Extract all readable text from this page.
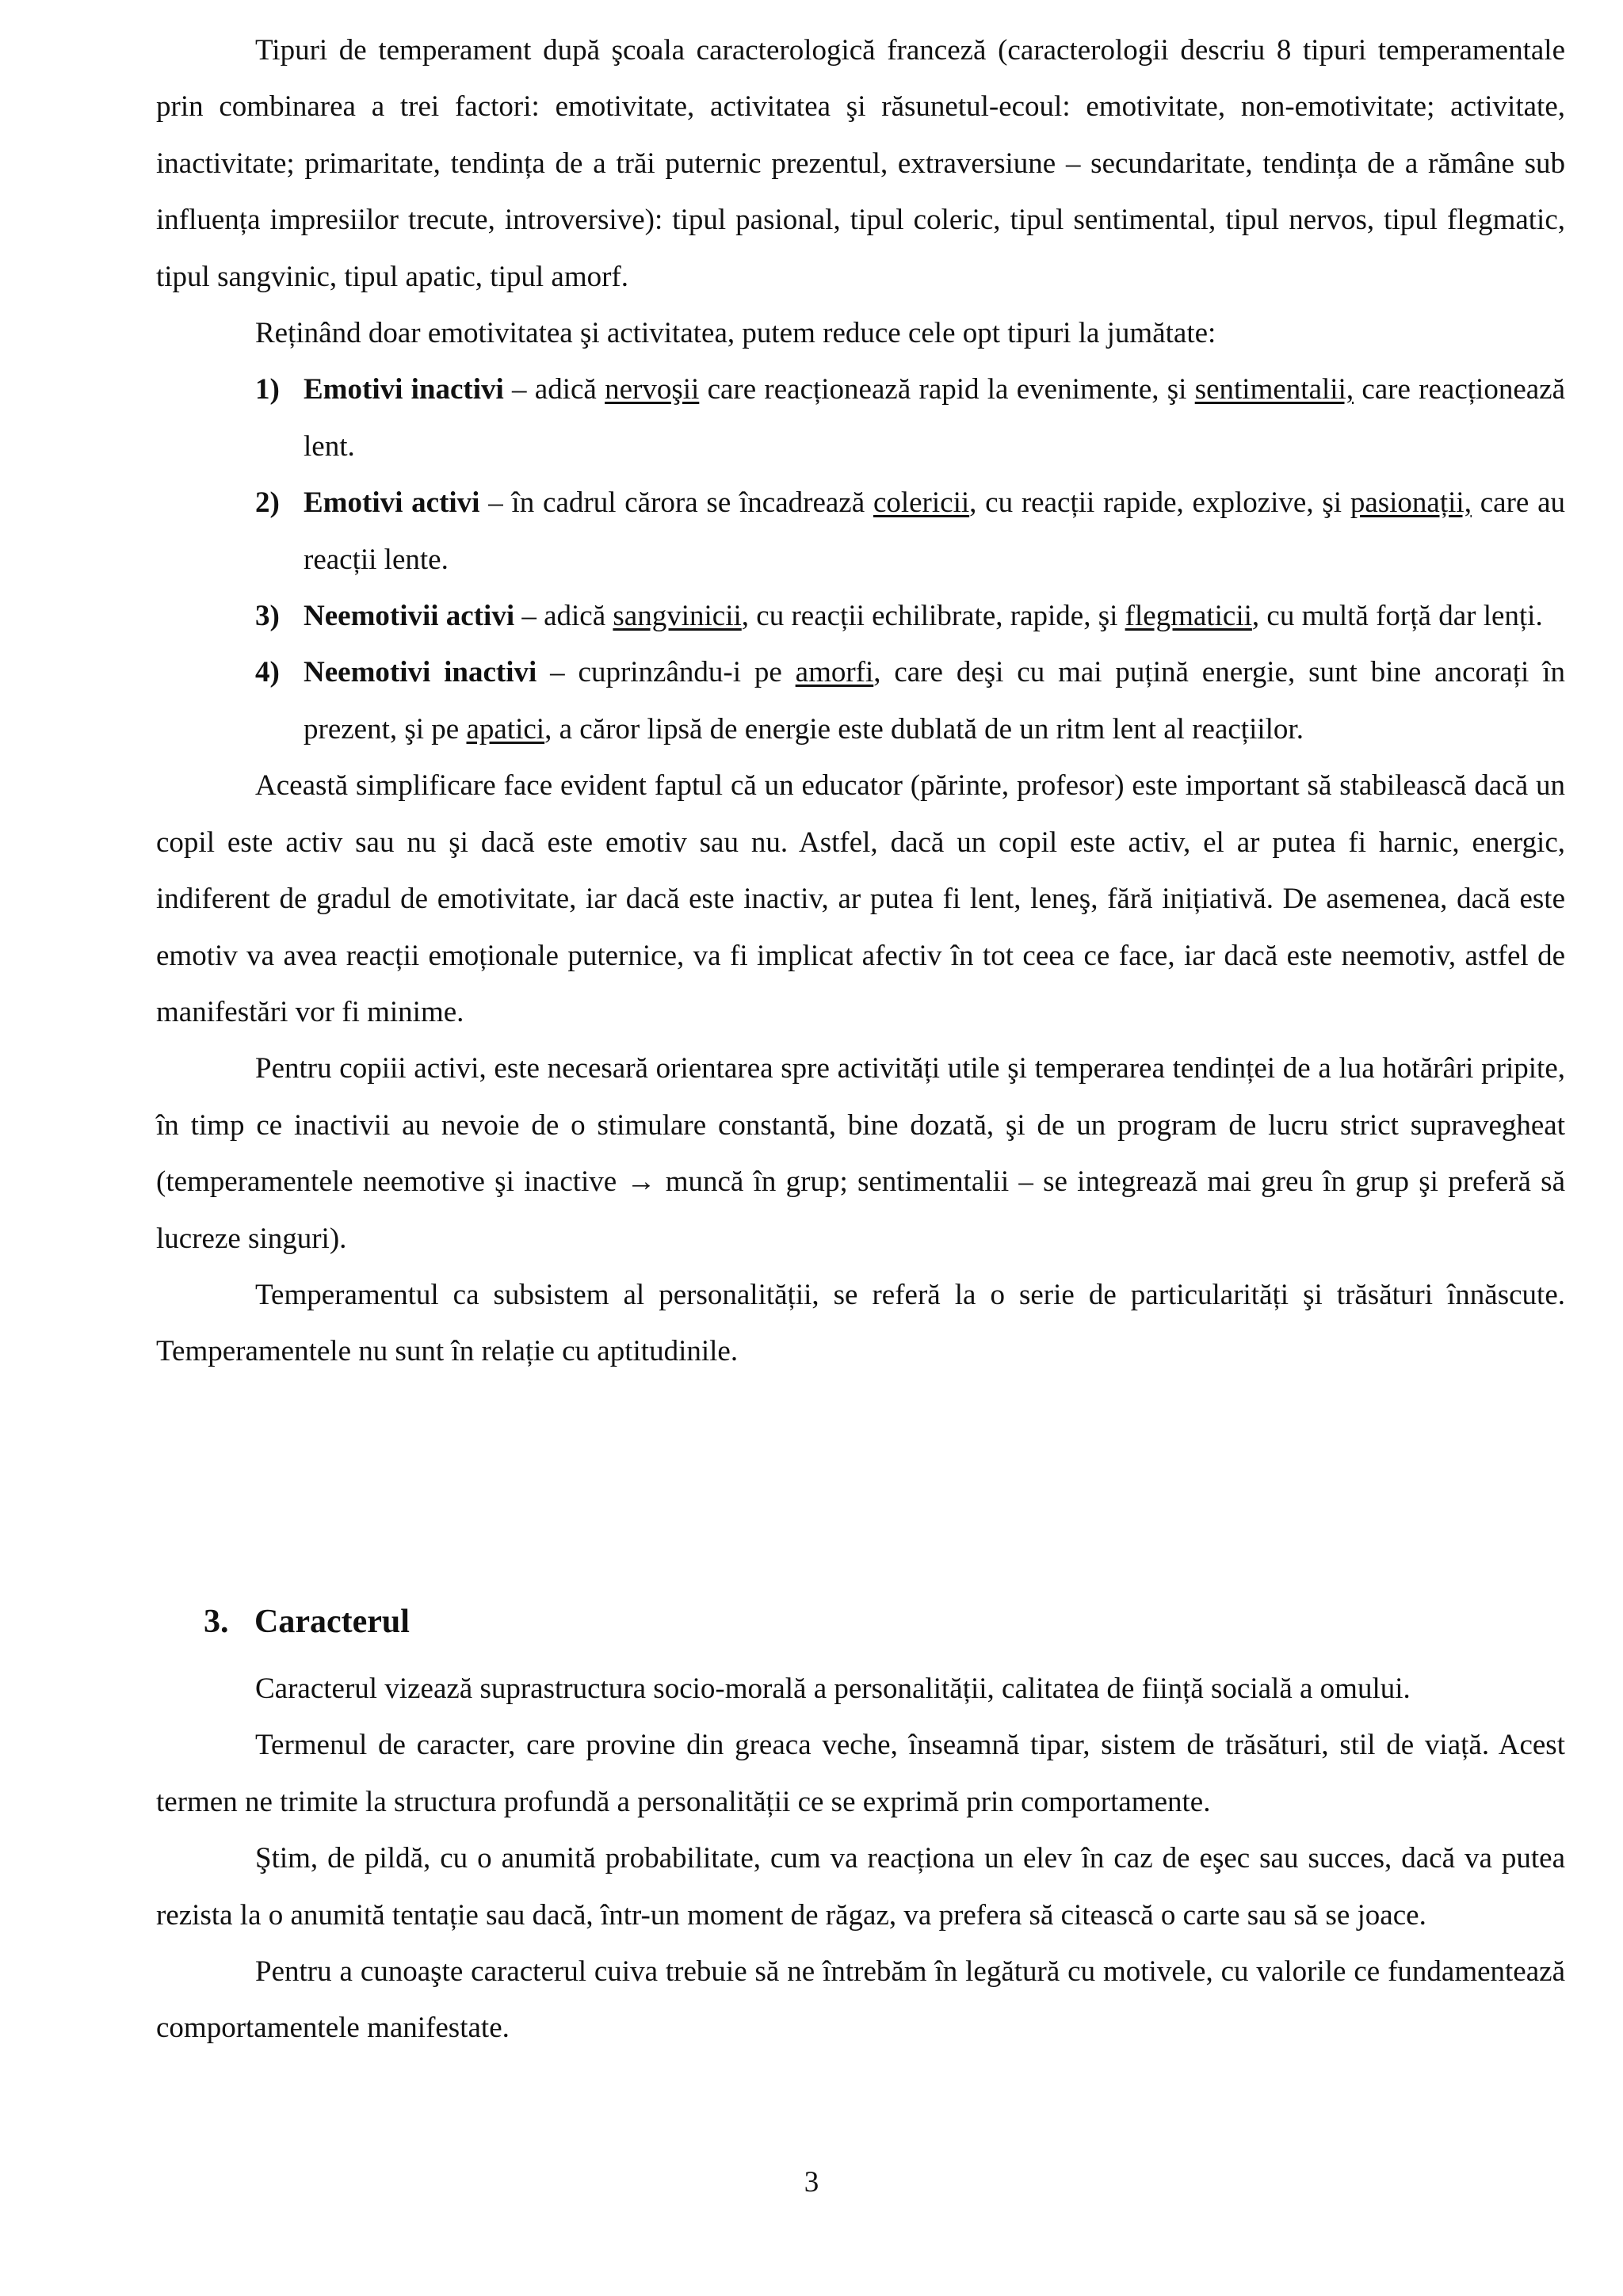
Tipuri de temperament după şcoala caracterologică franceză (caracterologii descriu 8 tipuri temperamentale prin combinarea a trei factori: emotivitate, activitatea şi răsunetul-ecoul: emotivitate, non-emotivitate; activitate, inactivitate; primaritate, tendința de a trăi puternic prezentul, extraversiune – secundaritate, tendința de a rămâne sub influența impresiilor trecute, introversive): tipul pasional, tipul coleric, tipul sentimental, tipul nervos, tipul flegmatic, tipul sangvinic, tipul apatic, tipul amorf.

Reținând doar emotivitatea şi activitatea, putem reduce cele opt tipuri la jumătate:

1) Emotivi inactivi – adică nervoşii care reacționează rapid la evenimente, şi sentimentalii, care reacționează lent.

2) Emotivi activi – în cadrul cărora se încadrează colericii, cu reacții rapide, explozive, şi pasionații, care au reacții lente.

3) Neemotivii activi – adică sangvinicii, cu reacții echilibrate, rapide, şi flegmaticii, cu multă forță dar lenți.

4) Neemotivi inactivi – cuprinzându-i pe amorfi, care deşi cu mai puțină energie, sunt bine ancorați în prezent, şi pe apatici, a căror lipsă de energie este dublată de un ritm lent al reacțiilor.

Această simplificare face evident faptul că un educator (părinte, profesor) este important să stabilească dacă un copil este activ sau nu şi dacă este emotiv sau nu. Astfel, dacă un copil este activ, el ar putea fi harnic, energic, indiferent de gradul de emotivitate, iar dacă este inactiv, ar putea fi lent, leneş, fără inițiativă. De asemenea, dacă este emotiv va avea reacții emoționale puternice, va fi implicat afectiv în tot ceea ce face, iar dacă este neemotiv, astfel de manifestări vor fi minime.

Pentru copiii activi, este necesară orientarea spre activități utile şi temperarea tendinței de a lua hotărâri pripite, în timp ce inactivii au nevoie de o stimulare constantă, bine dozată, şi de un program de lucru strict supravegheat (temperamentele neemotive şi inactive → muncă în grup; sentimentalii – se integrează mai greu în grup şi preferă să lucreze singuri).

Temperamentul ca subsistem al personalității, se referă la o serie de particularități şi trăsături înnăscute. Temperamentele nu sunt în relație cu aptitudinile.

3. Caracterul

Caracterul vizează suprastructura socio-morală a personalității, calitatea de ființă socială a omului.

Termenul de caracter, care provine din greaca veche, înseamnă tipar, sistem de trăsături, stil de viață. Acest termen ne trimite la structura profundă a personalității ce se exprimă prin comportamente.

Ştim, de pildă, cu o anumită probabilitate, cum va reacționa un elev în caz de eşec sau succes, dacă va putea rezista la o anumită tentație sau dacă, într-un moment de răgaz, va prefera să citească o carte sau să se joace.

Pentru a cunoaşte caracterul cuiva trebuie să ne întrebăm în legătură cu motivele, cu valorile ce fundamentează comportamentele manifestate.

3
